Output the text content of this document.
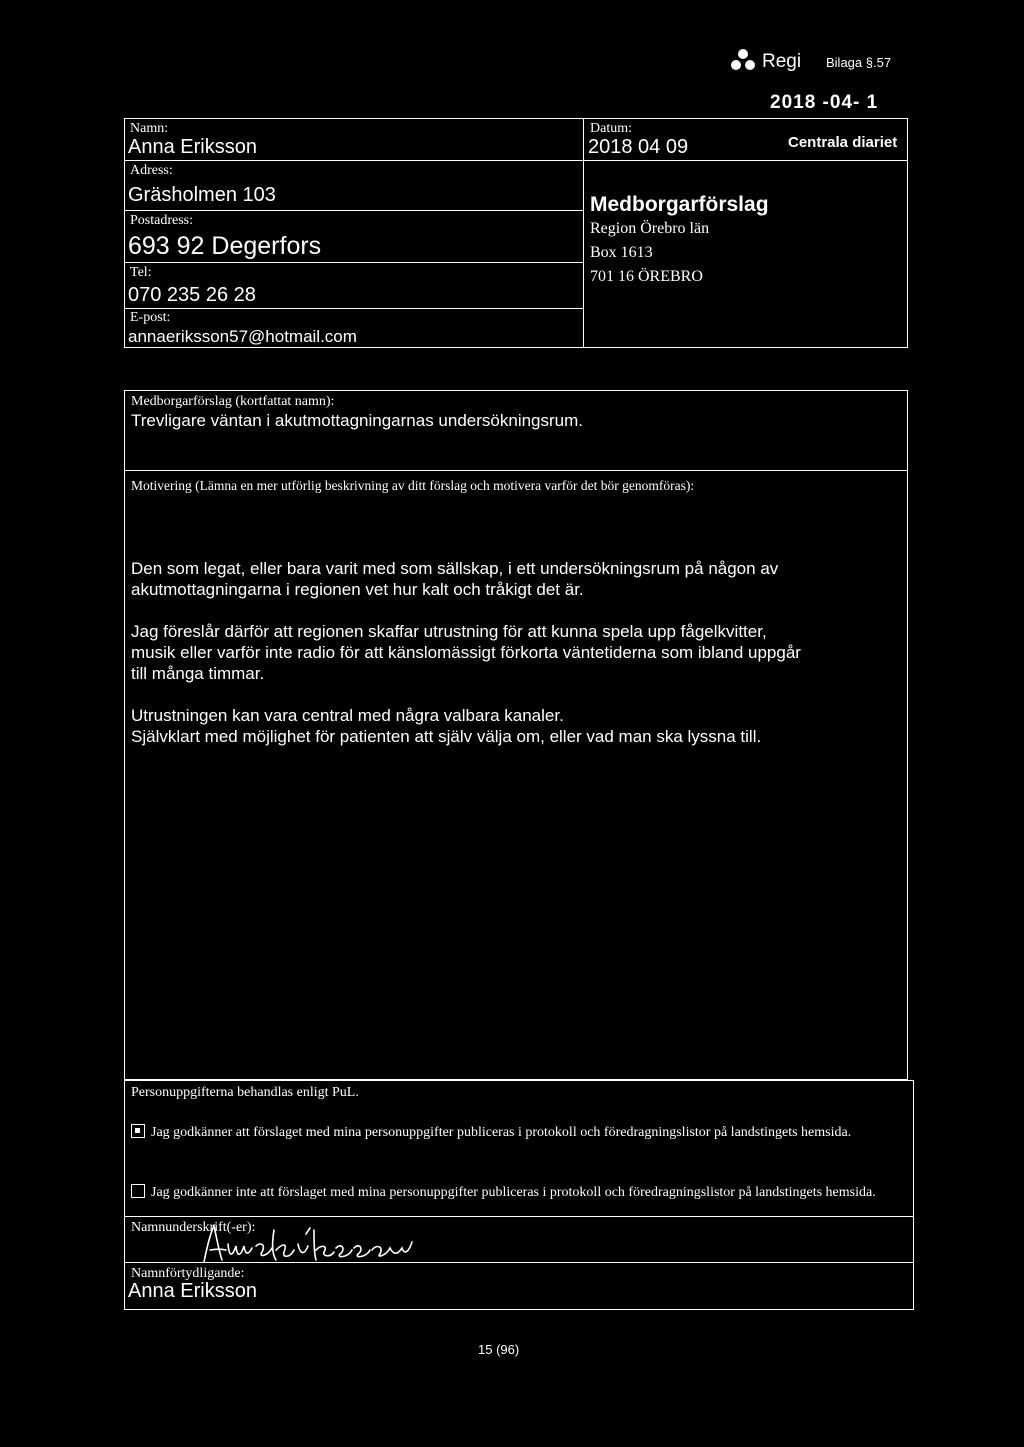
Regi Bilaga §.57
2018 -04- 1
Centrala diariet
Namn:
Anna Eriksson
Adress:
Gräsholmen 103
Postadress:
693 92 Degerfors
Tel:
070 235 26 28
E-post:
annaeriksson57@hotmail.com
Datum:
2018 04 09
Medborgarförslag
Region Örebro län
Box 1613
701 16 ÖREBRO
Medborgarförslag (kortfattat namn):
Trevligare väntan i akutmottagningarnas undersökningsrum.
Motivering (Lämna en mer utförlig beskrivning av ditt förslag och motivera varför det bör genomföras):

Den som legat, eller bara varit med som sällskap, i ett undersökningsrum på någon av
akutmottagningarna i regionen vet hur kalt och tråkigt det är.

Jag föreslår därför att regionen skaffar utrustning för att kunna spela upp fågelkvitter,
musik eller varför inte radio för att känslomässigt förkorta väntetiderna som ibland uppgår
till många timmar.

Utrustningen kan vara central med några valbara kanaler.
Självklart med möjlighet för patienten att själv välja om, eller vad man ska lyssna till.

Personuppgifterna behandlas enligt PuL.
Jag godkänner att förslaget med mina personuppgifter publiceras i protokoll och föredragningslistor på landstingets hemsida.
Jag godkänner inte att förslaget med mina personuppgifter publiceras i protokoll och föredragningslistor på landstingets hemsida.
Namnunderskrift(-er):
Namnförtydligande:
Anna Eriksson
15 (96)
